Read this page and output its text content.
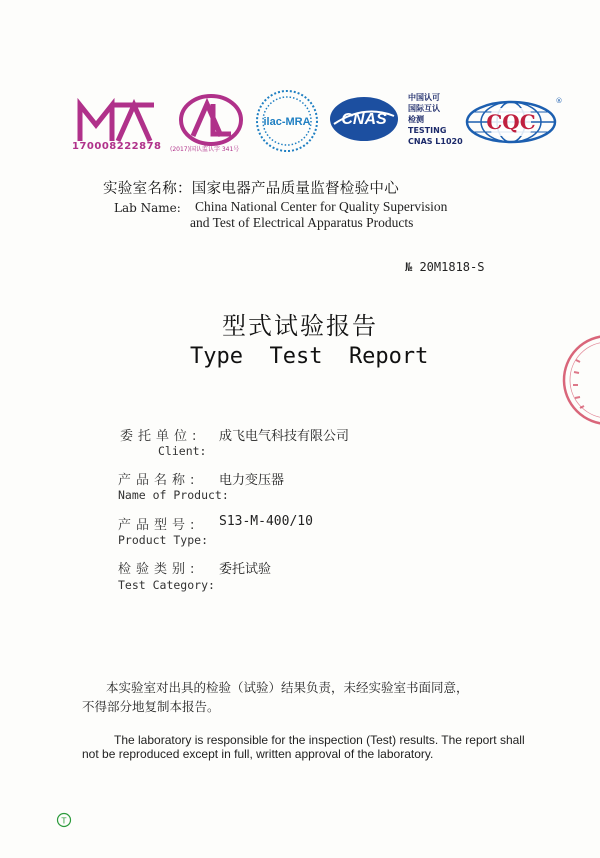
170008222878 (2017)国认监认字 341号
ilac-MRA CNAS
中国认可
国际互认
检测
TESTING
CNAS L1020
CQC
®
实验室名称：国家电器产品质量监督检验中心
Lab Name: China National Center for Quality Supervision
and Test of Electrical Apparatus Products
№ 20M1818-S
型式试验报告
Type  Test  Report
委托单位: 成飞电气科技有限公司
Client:
产品名称: 电力变压器
Name of Product:
产品型号: S13-M-400/10
Product Type:
检验类别: 委托试验
Test Category:
本实验室对出具的检验（试验）结果负责，未经实验室书面同意，
不得部分地复制本报告。
The laboratory is responsible for the inspection (Test) results. The report shall
not be reproduced except in full, written approval of the laboratory.
T
